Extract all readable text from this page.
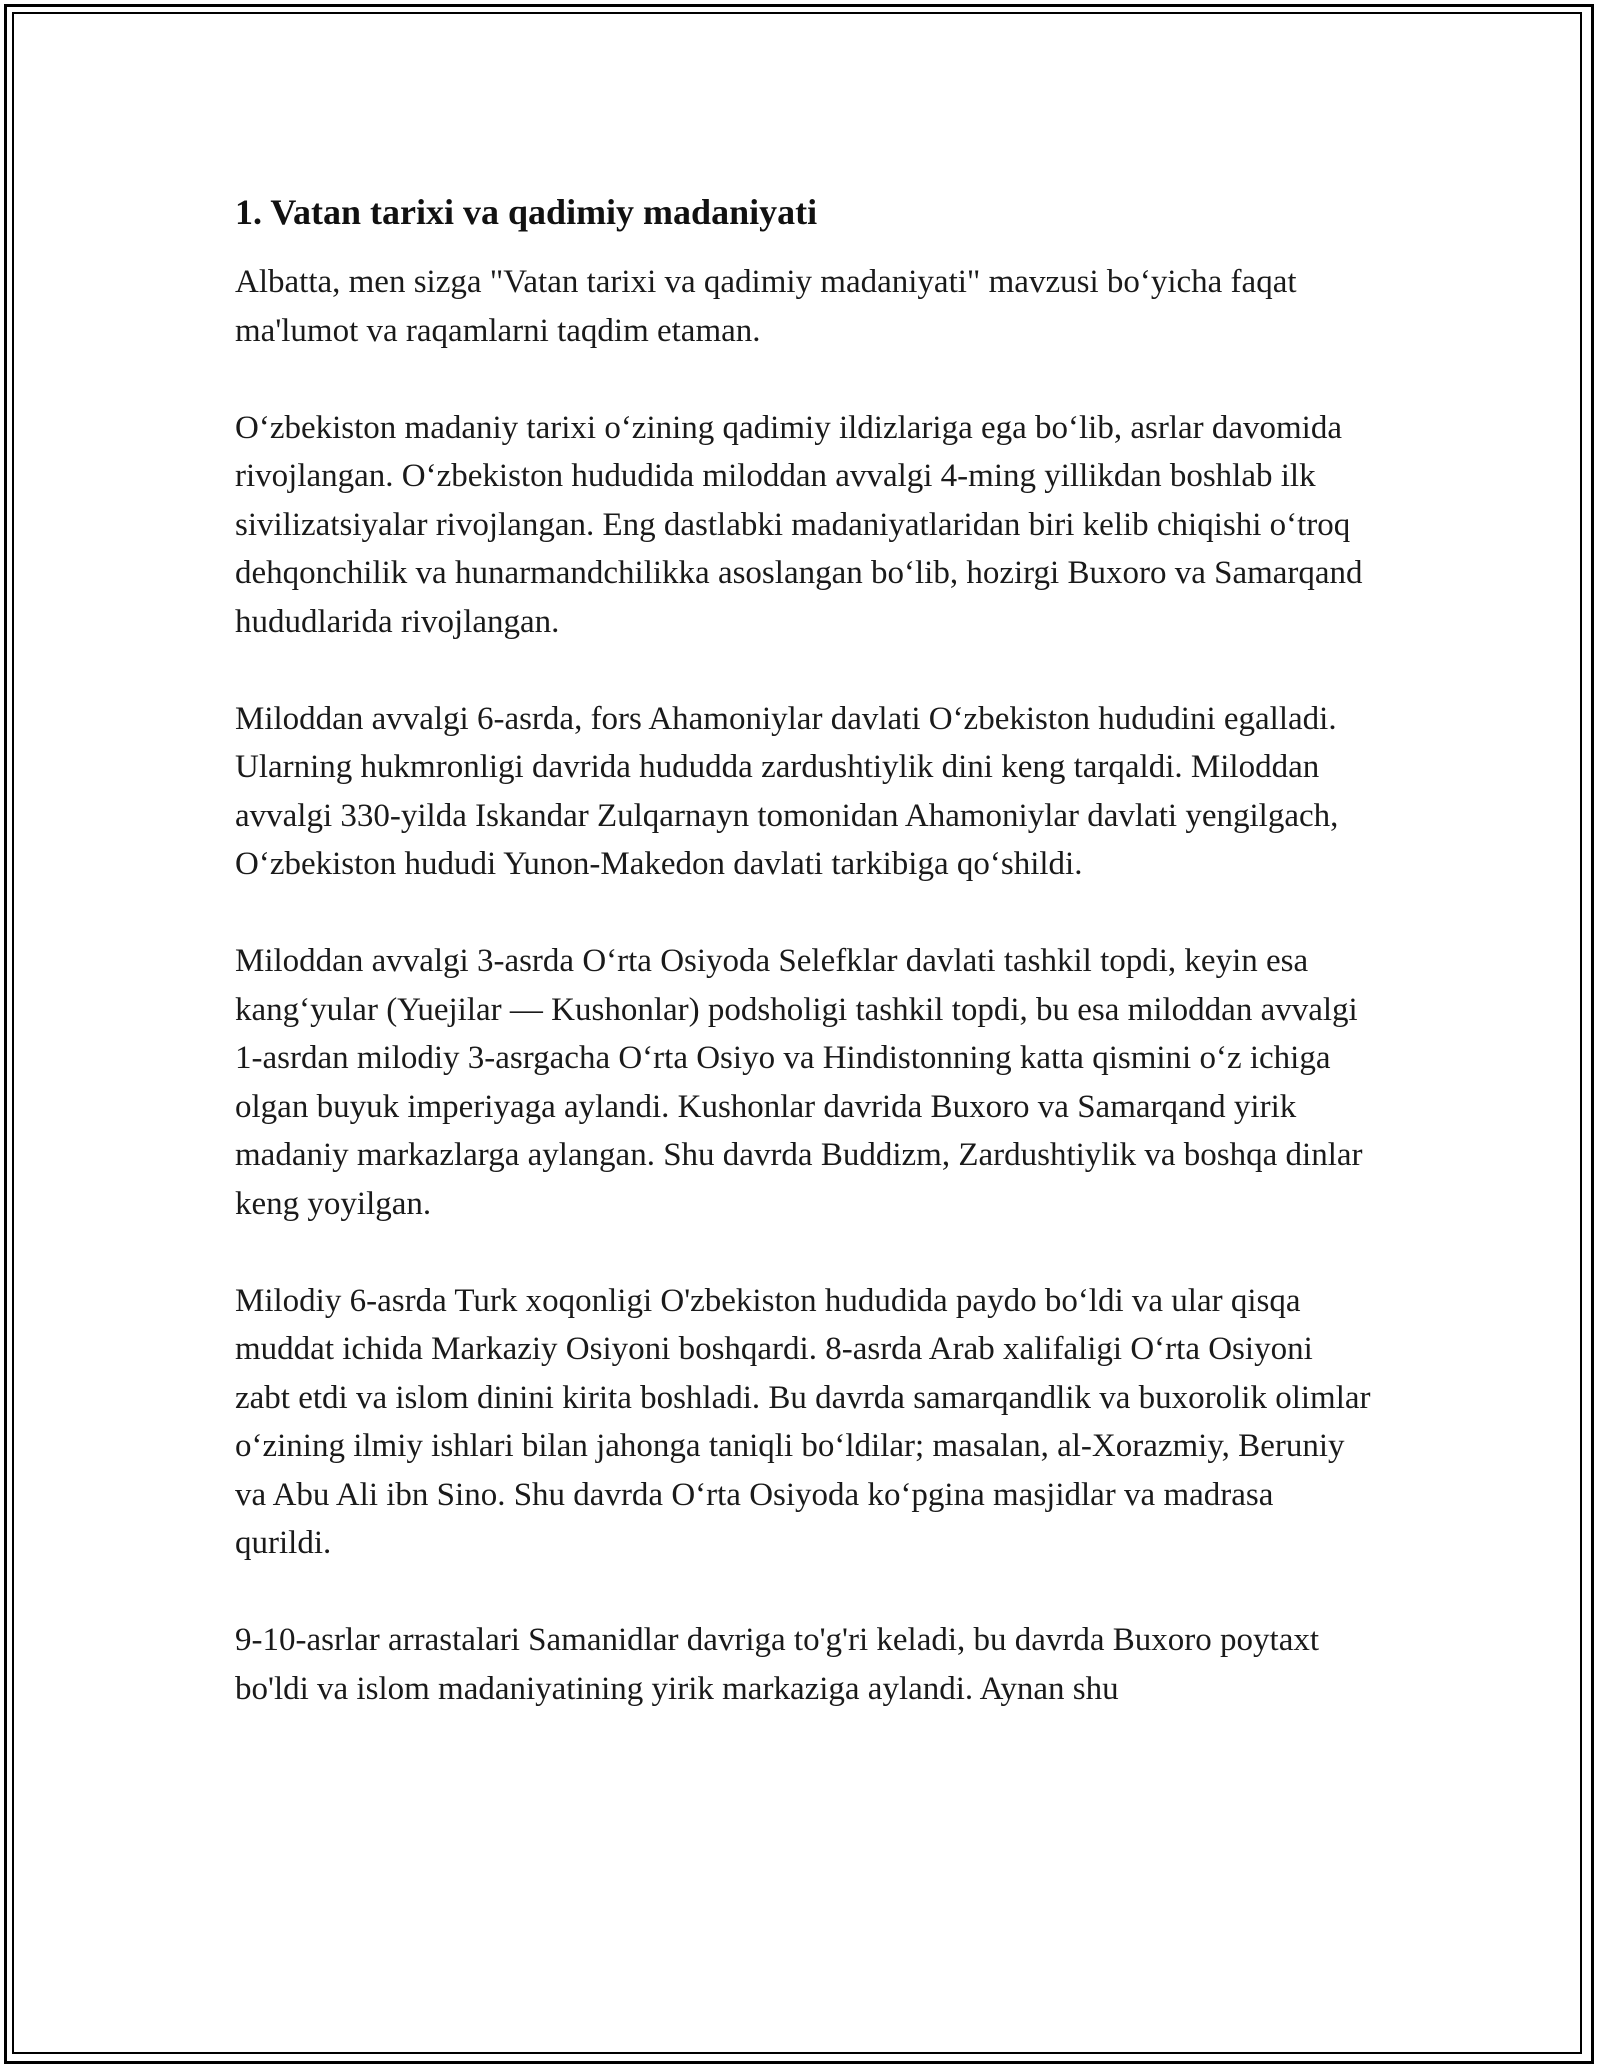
1. Vatan tarixi va qadimiy madaniyati

Albatta, men sizga "Vatan tarixi va qadimiy madaniyati" mavzusi bo‘yicha faqat ma'lumot va raqamlarni taqdim etaman.

O‘zbekiston madaniy tarixi o‘zining qadimiy ildizlariga ega bo‘lib, asrlar davomida rivojlangan. O‘zbekiston hududida miloddan avvalgi 4-ming yillikdan boshlab ilk sivilizatsiyalar rivojlangan. Eng dastlabki madaniyatlaridan biri kelib chiqishi o‘troq dehqonchilik va hunarmandchilikka asoslangan bo‘lib, hozirgi Buxoro va Samarqand hududlarida rivojlangan.

Miloddan avvalgi 6-asrda, fors Ahamoniylar davlati O‘zbekiston hududini egalladi. Ularning hukmronligi davrida hududda zardushtiylik dini keng tarqaldi. Miloddan avvalgi 330-yilda Iskandar Zulqarnayn tomonidan Ahamoniylar davlati yengilgach, O‘zbekiston hududi Yunon-Makedon davlati tarkibiga qo‘shildi.

Miloddan avvalgi 3-asrda O‘rta Osiyoda Selefklar davlati tashkil topdi, keyin esa kang‘yular (Yuejilar — Kushonlar) podsholigi tashkil topdi, bu esa miloddan avvalgi 1-asrdan milodiy 3-asrgacha O‘rta Osiyo va Hindistonning katta qismini o‘z ichiga olgan buyuk imperiyaga aylandi. Kushonlar davrida Buxoro va Samarqand yirik madaniy markazlarga aylangan. Shu davrda Buddizm, Zardushtiylik va boshqa dinlar keng yoyilgan.

Milodiy 6-asrda Turk xoqonligi O'zbekiston hududida paydo bo‘ldi va ular qisqa muddat ichida Markaziy Osiyoni boshqardi. 8-asrda Arab xalifaligi O‘rta Osiyoni zabt etdi va islom dinini kirita boshladi. Bu davrda samarqandlik va buxorolik olimlar o‘zining ilmiy ishlari bilan jahonga taniqli bo‘ldilar; masalan, al-Xorazmiy, Beruniy va Abu Ali ibn Sino. Shu davrda O‘rta Osiyoda ko‘pgina masjidlar va madrasa qurildi.

9-10-asrlar arrastalari Samanidlar davriga to'g'ri keladi, bu davrda Buxoro poytaxt bo'ldi va islom madaniyatining yirik markaziga aylandi. Aynan shu
